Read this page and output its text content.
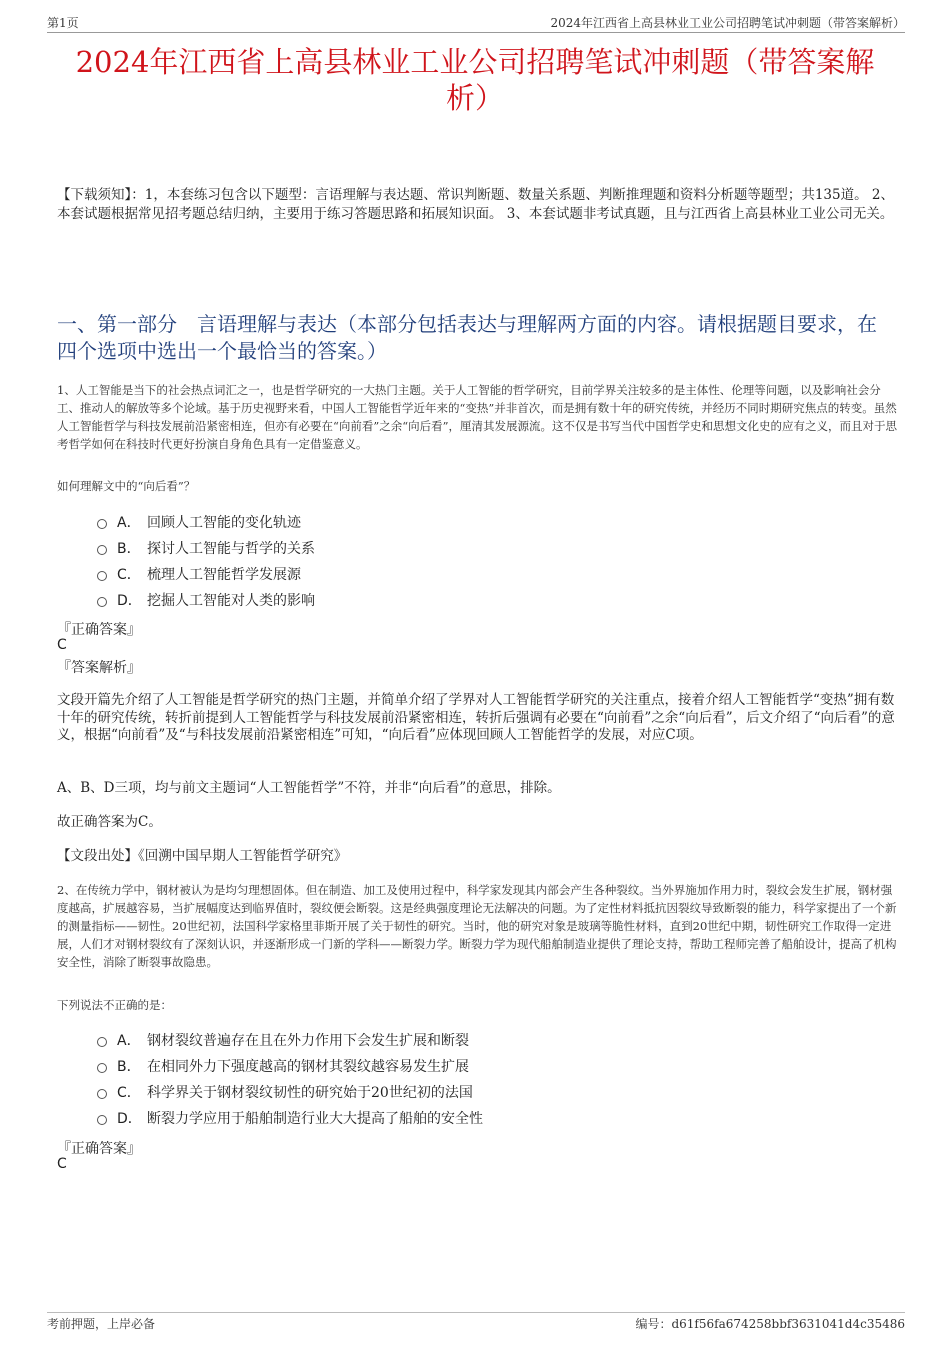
第1页	2024年江西省上高县林业工业公司招聘笔试冲刺题（带答案解析）
2024年江西省上高县林业工业公司招聘笔试冲刺题（带答案解析）
【下载须知】：1，本套练习包含以下题型：言语理解与表达题、常识判断题、数量关系题、判断推理题和资料分析题等题型；共135道。 2、本套试题根据常见招考题总结归纳，主要用于练习答题思路和拓展知识面。 3、本套试题非考试真题，且与江西省上高县林业工业公司无关。
一、第一部分　言语理解与表达（本部分包括表达与理解两方面的内容。请根据题目要求，在四个选项中选出一个最恰当的答案。）
1、人工智能是当下的社会热点词汇之一，也是哲学研究的一大热门主题。关于人工智能的哲学研究，目前学界关注较多的是主体性、伦理等问题，以及影响社会分工、推动人的解放等多个论域。基于历史视野来看，中国人工智能哲学近年来的“变热”并非首次，而是拥有数十年的研究传统，并经历不同时期研究焦点的转变。虽然人工智能哲学与科技发展前沿紧密相连，但亦有必要在“向前看”之余“向后看”，厘清其发展源流。这不仅是书写当代中国哲学史和思想文化史的应有之义，而且对于思考哲学如何在科技时代更好扮演自身角色具有一定借鉴意义。
如何理解文中的“向后看”？
A． 回顾人工智能的变化轨迹
B． 探讨人工智能与哲学的关系
C． 梳理人工智能哲学发展源
D． 挖掘人工智能对人类的影响
『正确答案』
C
『答案解析』
文段开篇先介绍了人工智能是哲学研究的热门主题，并简单介绍了学界对人工智能哲学研究的关注重点，接着介绍人工智能哲学“变热”拥有数十年的研究传统，转折前提到人工智能哲学与科技发展前沿紧密相连，转折后强调有必要在“向前看”之余“向后看”，后文介绍了“向后看”的意义，根据“向前看”及“与科技发展前沿紧密相连”可知，“向后看”应体现回顾人工智能哲学的发展，对应C项。
A、B、D三项，均与前文主题词“人工智能哲学”不符，并非“向后看”的意思，排除。
故正确答案为C。
【文段出处】《回溯中国早期人工智能哲学研究》
2、在传统力学中，钢材被认为是均匀理想固体。但在制造、加工及使用过程中，科学家发现其内部会产生各种裂纹。当外界施加作用力时，裂纹会发生扩展，钢材强度越高，扩展越容易，当扩展幅度达到临界值时，裂纹便会断裂。这是经典强度理论无法解决的问题。为了定性材料抵抗因裂纹导致断裂的能力，科学家提出了一个新的测量指标——韧性。20世纪初，法国科学家格里菲斯开展了关于韧性的研究。当时，他的研究对象是玻璃等脆性材料，直到20世纪中期，韧性研究工作取得一定进展，人们才对钢材裂纹有了深刻认识，并逐渐形成一门新的学科——断裂力学。断裂力学为现代船舶制造业提供了理论支持，帮助工程师完善了船舶设计，提高了机构安全性，消除了断裂事故隐患。
下列说法不正确的是：
A． 钢材裂纹普遍存在且在外力作用下会发生扩展和断裂
B． 在相同外力下强度越高的钢材其裂纹越容易发生扩展
C． 科学界关于钢材裂纹韧性的研究始于20世纪初的法国
D． 断裂力学应用于船舶制造行业大大提高了船舶的安全性
『正确答案』
C
考前押题，上岸必备	编号：d61f56fa674258bbf3631041d4c35486
